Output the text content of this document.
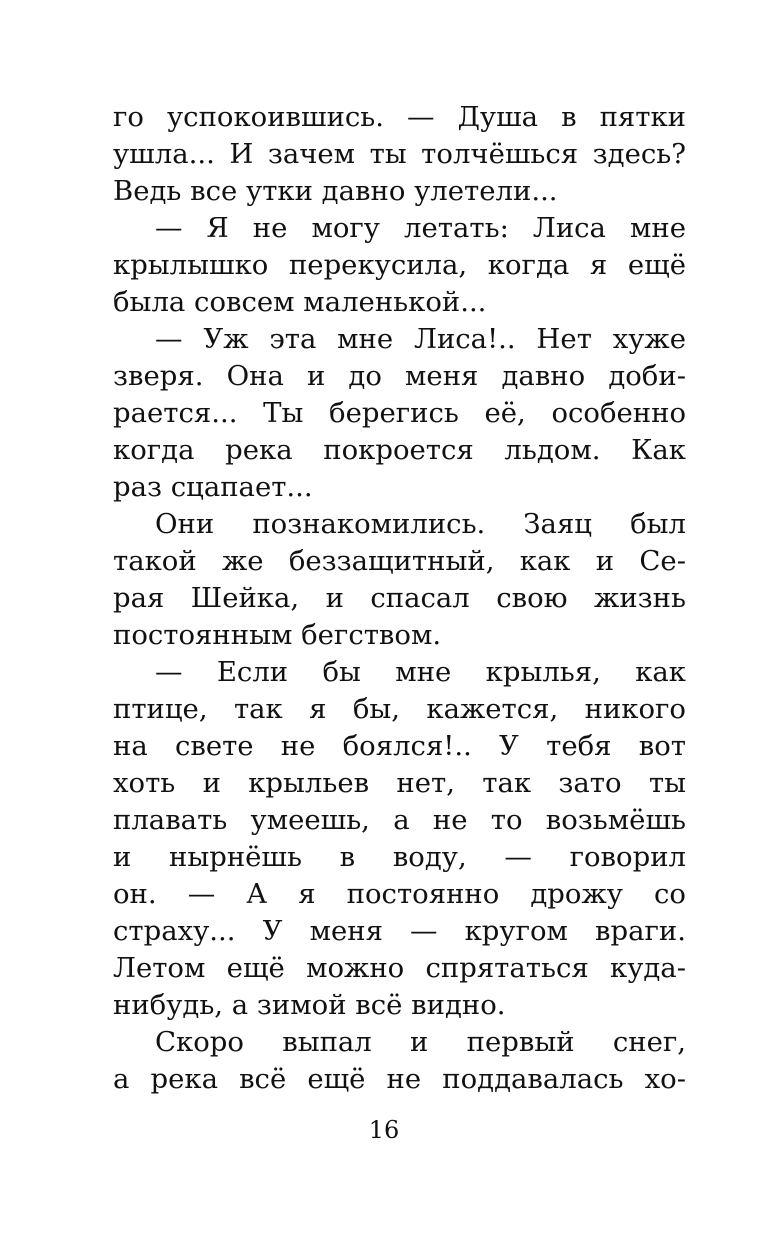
го успокоившись. — Душа в пятки
ушла... И зачем ты толчёшься здесь?
Ведь все утки давно улетели...
— Я не могу летать: Лиса мне
крылышко перекусила, когда я ещё
была совсем маленькой...
— Уж эта мне Лиса!.. Нет хуже
зверя. Она и до меня давно доби-
рается... Ты берегись её, особенно
когда река покроется льдом. Как
раз сцапает...
Они познакомились. Заяц был
такой же беззащитный, как и Се-
рая Шейка, и спасал свою жизнь
постоянным бегством.
— Если бы мне крылья, как
птице, так я бы, кажется, никого
на свете не боялся!.. У тебя вот
хоть и крыльев нет, так зато ты
плавать умеешь, а не то возьмёшь
и нырнёшь в воду, — говорил
он. — А я постоянно дрожу со
страху... У меня — кругом враги.
Летом ещё можно спрятаться куда-
нибудь, а зимой всё видно.
Скоро выпал и первый снег,
а река всё ещё не поддавалась хо-
16
